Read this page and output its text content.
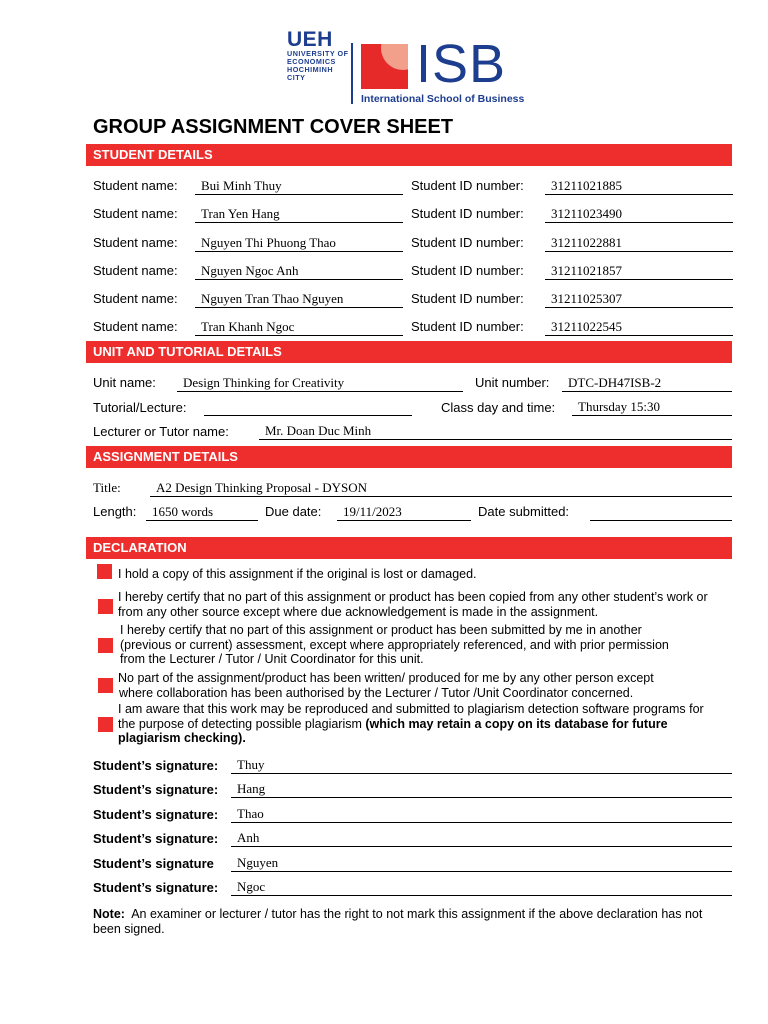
UEH
UNIVERSITY OF
ECONOMICS
HOCHIMINH CITY	ISB
International School of Business
GROUP ASSIGNMENT COVER SHEET
STUDENT DETAILS
Student name:	Bui Minh Thuy	Student ID number:	31211021885
Student name:	Tran Yen Hang	Student ID number:	31211023490
Student name:	Nguyen Thi Phuong Thao	Student ID number:	31211022881
Student name:	Nguyen Ngoc Anh	Student ID number:	31211021857
Student name:	Nguyen Tran Thao Nguyen	Student ID number:	31211025307
Student name:	Tran Khanh Ngoc	Student ID number:	31211022545
UNIT AND TUTORIAL DETAILS
Unit name:	Design Thinking for Creativity	Unit number:	DTC-DH47ISB-2
Tutorial/Lecture:	Class day and time:	Thursday 15:30
Lecturer or Tutor name:	Mr. Doan Duc Minh
ASSIGNMENT DETAILS
Title:	A2 Design Thinking Proposal - DYSON
Length:	1650 words	Due date:	19/11/2023	Date submitted:
DECLARATION
I hold a copy of this assignment if the original is lost or damaged.
I hereby certify that no part of this assignment or product has been copied from any other student’s work or
from any other source except where due acknowledgement is made in the assignment.
I hereby certify that no part of this assignment or product has been submitted by me in another
(previous or current) assessment, except where appropriately referenced, and with prior permission
from the Lecturer / Tutor / Unit Coordinator for this unit.
No part of the assignment/product has been written/ produced for me by any other person except
where collaboration has been authorised by the Lecturer / Tutor /Unit Coordinator concerned.
I am aware that this work may be reproduced and submitted to plagiarism detection software programs for
the purpose of detecting possible plagiarism (which may retain a copy on its database for future
plagiarism checking).
Student’s signature:	Thuy
Student’s signature:	Hang
Student’s signature:	Thao
Student’s signature:	Anh
Student’s signature	Nguyen
Student’s signature:	Ngoc
Note: An examiner or lecturer / tutor has the right to not mark this assignment if the above declaration has not been signed.
